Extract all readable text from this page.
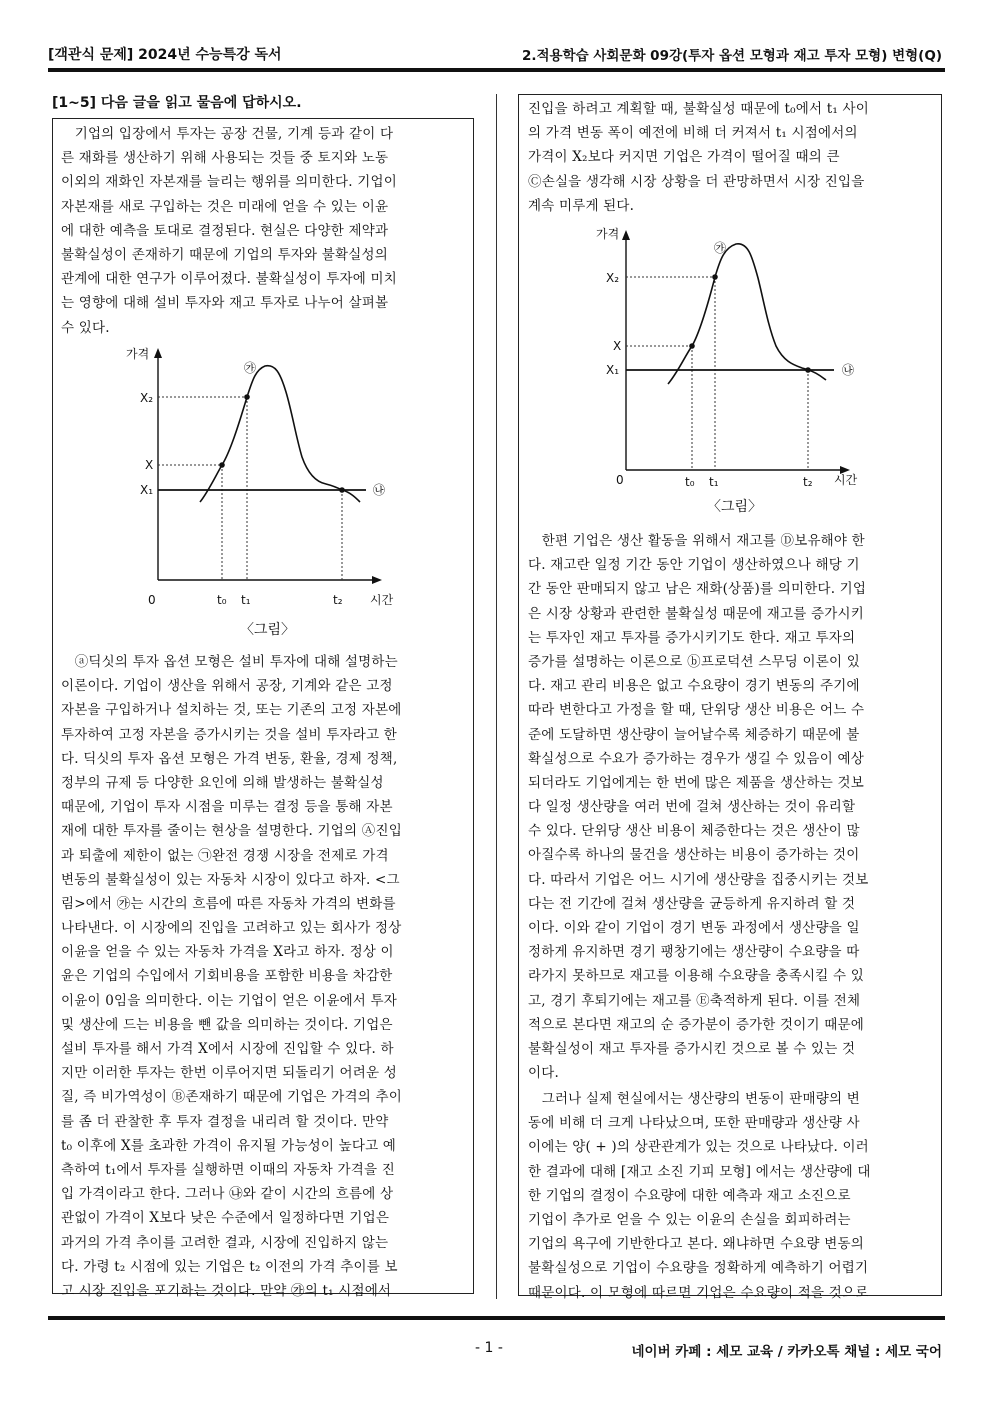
[객관식 문제] 2024년 수능특강 독서	2.적용학습 사회문화 09강(투자 옵션 모형과 재고 투자 모형) 변형(Q)
[1~5] 다음 글을 읽고 물음에 답하시오.
　기업의 입장에서 투자는 공장 건물, 기계 등과 같이 다
른 재화를 생산하기 위해 사용되는 것들 중 토지와 노동
이외의 재화인 자본재를 늘리는 행위를 의미한다. 기업이
자본재를 새로 구입하는 것은 미래에 얻을 수 있는 이윤
에 대한 예측을 토대로 결정된다. 현실은 다양한 제약과
불확실성이 존재하기 때문에 기업의 투자와 불확실성의
관계에 대한 연구가 이루어졌다. 불확실성이 투자에 미치
는 영향에 대해 설비 투자와 재고 투자로 나누어 살펴볼
수 있다.
가격
시간
0
X₂
X
X₁
t₀ t₁	t₂
㉮
㉯
〈그림〉
　ⓐ딕싯의 투자 옵션 모형은 설비 투자에 대해 설명하는
이론이다. 기업이 생산을 위해서 공장, 기계와 같은 고정
자본을 구입하거나 설치하는 것, 또는 기존의 고정 자본에
투자하여 고정 자본을 증가시키는 것을 설비 투자라고 한
다. 딕싯의 투자 옵션 모형은 가격 변동, 환율, 경제 정책,
정부의 규제 등 다양한 요인에 의해 발생하는 불확실성
때문에, 기업이 투자 시점을 미루는 결정 등을 통해 자본
재에 대한 투자를 줄이는 현상을 설명한다. 기업의 Ⓐ진입
과 퇴출에 제한이 없는 ㉠완전 경쟁 시장을 전제로 가격
변동의 불확실성이 있는 자동차 시장이 있다고 하자. <그
림>에서 ㉮는 시간의 흐름에 따른 자동차 가격의 변화를
나타낸다. 이 시장에의 진입을 고려하고 있는 회사가 정상
이윤을 얻을 수 있는 자동차 가격을 X라고 하자. 정상 이
윤은 기업의 수입에서 기회비용을 포함한 비용을 차감한
이윤이 0임을 의미한다. 이는 기업이 얻은 이윤에서 투자
및 생산에 드는 비용을 뺀 값을 의미하는 것이다. 기업은
설비 투자를 해서 가격 X에서 시장에 진입할 수 있다. 하
지만 이러한 투자는 한번 이루어지면 되돌리기 어려운 성
질, 즉 비가역성이 Ⓑ존재하기 때문에 기업은 가격의 추이
를 좀 더 관찰한 후 투자 결정을 내리려 할 것이다. 만약
t₀ 이후에 X를 초과한 가격이 유지될 가능성이 높다고 예
측하여 t₁에서 투자를 실행하면 이때의 자동차 가격을 진
입 가격이라고 한다. 그러나 ㉯와 같이 시간의 흐름에 상
관없이 가격이 X보다 낮은 수준에서 일정하다면 기업은
과거의 가격 추이를 고려한 결과, 시장에 진입하지 않는
다. 가령 t₂ 시점에 있는 기업은 t₂ 이전의 가격 추이를 보
고 시장 진입을 포기하는 것이다. 만약 ㉮의 t₁ 시점에서
진입을 하려고 계획할 때, 불확실성 때문에 t₀에서 t₁ 사이
의 가격 변동 폭이 예전에 비해 더 커져서 t₁ 시점에서의
가격이 X₂보다 커지면 기업은 가격이 떨어질 때의 큰
Ⓒ손실을 생각해 시장 상황을 더 관망하면서 시장 진입을
계속 미루게 된다.
가격
시간
0
X₂
X
X₁
t₀ t₁	t₂
㉮
㉯
〈그림〉
　한편 기업은 생산 활동을 위해서 재고를 Ⓓ보유해야 한
다. 재고란 일정 기간 동안 기업이 생산하였으나 해당 기
간 동안 판매되지 않고 남은 재화(상품)를 의미한다. 기업
은 시장 상황과 관련한 불확실성 때문에 재고를 증가시키
는 투자인 재고 투자를 증가시키기도 한다. 재고 투자의
증가를 설명하는 이론으로 ⓑ프로덕션 스무딩 이론이 있
다. 재고 관리 비용은 없고 수요량이 경기 변동의 주기에
따라 변한다고 가정을 할 때, 단위당 생산 비용은 어느 수
준에 도달하면 생산량이 늘어날수록 체증하기 때문에 불
확실성으로 수요가 증가하는 경우가 생길 수 있음이 예상
되더라도 기업에게는 한 번에 많은 제품을 생산하는 것보
다 일정 생산량을 여러 번에 걸쳐 생산하는 것이 유리할
수 있다. 단위당 생산 비용이 체증한다는 것은 생산이 많
아질수록 하나의 물건을 생산하는 비용이 증가하는 것이
다. 따라서 기업은 어느 시기에 생산량을 집중시키는 것보
다는 전 기간에 걸쳐 생산량을 균등하게 유지하려 할 것
이다. 이와 같이 기업이 경기 변동 과정에서 생산량을 일
정하게 유지하면 경기 팽창기에는 생산량이 수요량을 따
라가지 못하므로 재고를 이용해 수요량을 충족시킬 수 있
고, 경기 후퇴기에는 재고를 Ⓔ축적하게 된다. 이를 전체
적으로 본다면 재고의 순 증가분이 증가한 것이기 때문에
불확실성이 재고 투자를 증가시킨 것으로 볼 수 있는 것
이다.
　그러나 실제 현실에서는 생산량의 변동이 판매량의 변
동에 비해 더 크게 나타났으며, 또한 판매량과 생산량 사
이에는 양( + )의 상관관계가 있는 것으로 나타났다. 이러
한 결과에 대해 [재고 소진 기피 모형] 에서는 생산량에 대
한 기업의 결정이 수요량에 대한 예측과 재고 소진으로
기업이 추가로 얻을 수 있는 이윤의 손실을 회피하려는
기업의 욕구에 기반한다고 본다. 왜냐하면 수요량 변동의
불확실성으로 기업이 수요량을 정확하게 예측하기 어렵기
때문이다. 이 모형에 따르면 기업은 수요량이 적을 것으로
- 1 -	네이버 카페 : 세모 교육 / 카카오톡 채널 : 세모 국어
